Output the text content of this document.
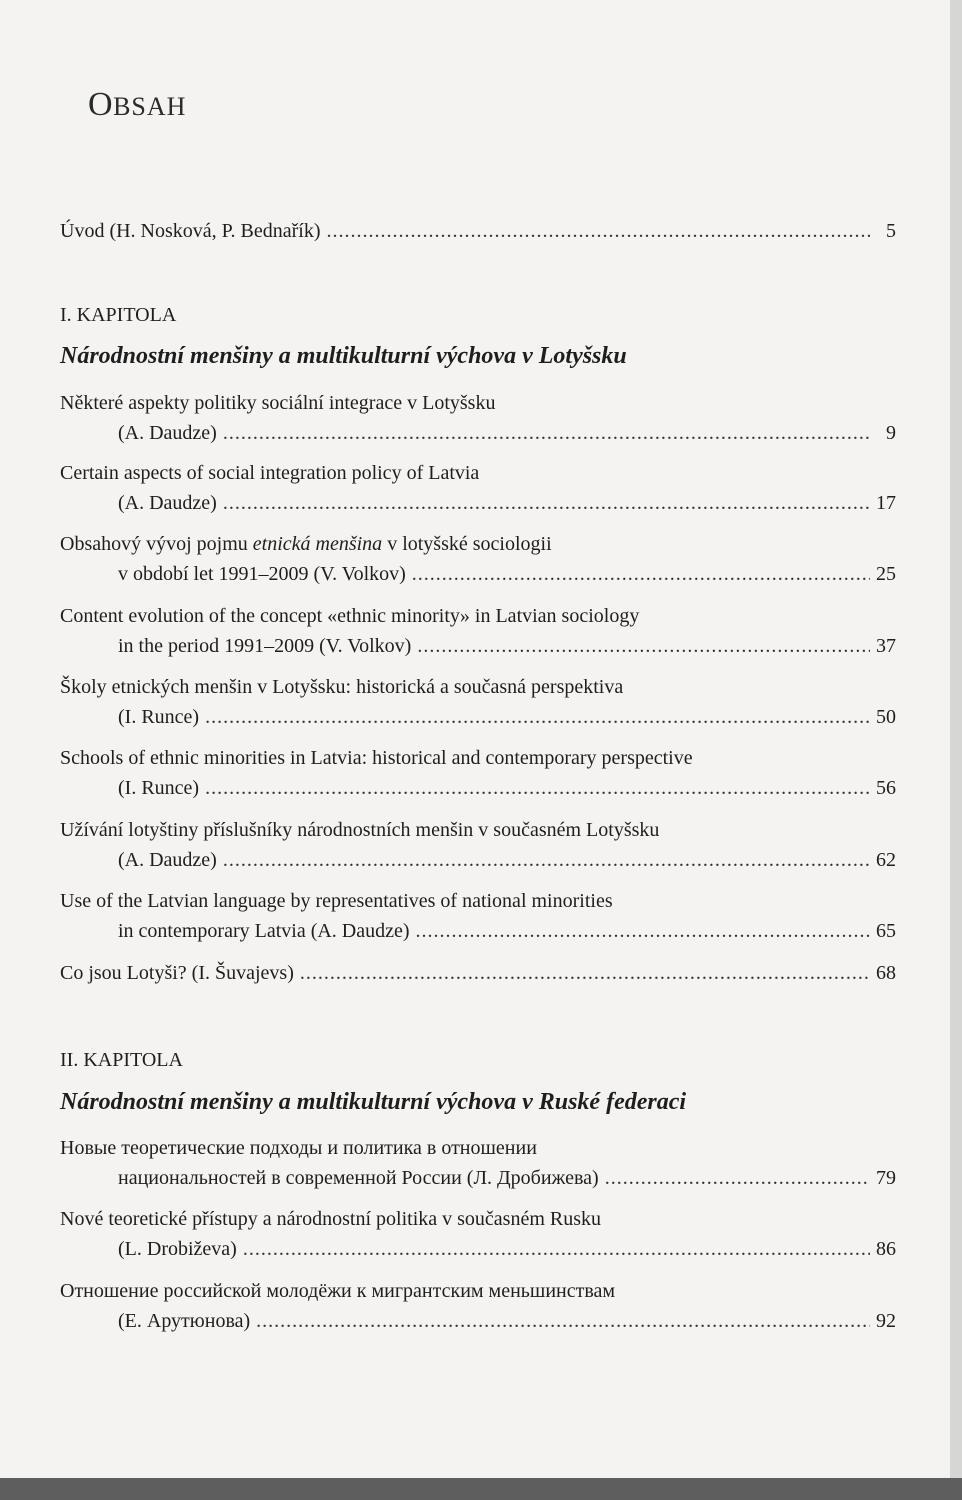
OBSAH
Úvod (H. Nosková, P. Bednařík) .....	5
I. KAPITOLA
Národnostní menšiny a multikulturní výchova v Lotyšsku
Některé aspekty politiky sociální integrace v Lotyšsku
(A. Daudze) .....	9
Certain aspects of social integration policy of Latvia
(A. Daudze) .....	17
Obsahový vývoj pojmu etnická menšina v lotyšské sociologii
v období let 1991–2009 (V. Volkov) .....	25
Content evolution of the concept «ethnic minority» in Latvian sociology
in the period 1991–2009 (V. Volkov) .....	37
Školy etnických menšin v Lotyšsku: historická a současná perspektiva
(I. Runce) .....	50
Schools of ethnic minorities in Latvia: historical and contemporary perspective
(I. Runce) .....	56
Užívání lotyštiny příslušníky národnostních menšin v současném Lotyšsku
(A. Daudze) .....	62
Use of the Latvian language by representatives of national minorities
in contemporary Latvia (A. Daudze) .....	65
Co jsou Lotyši? (I. Šuvajevs) .....	68
II. KAPITOLA
Národnostní menšiny a multikulturní výchova v Ruské federaci
Новые теоретические подходы и политика в отношении
национальностей в современной России (Л. Дробижева) .....	79
Nové teoretické přístupy a národnostní politika v současném Rusku
(L. Drobiževa) .....	86
Отношение российской молодёжи к мигрантским меньшинствам
(Е. Арутюнова) .....	92
